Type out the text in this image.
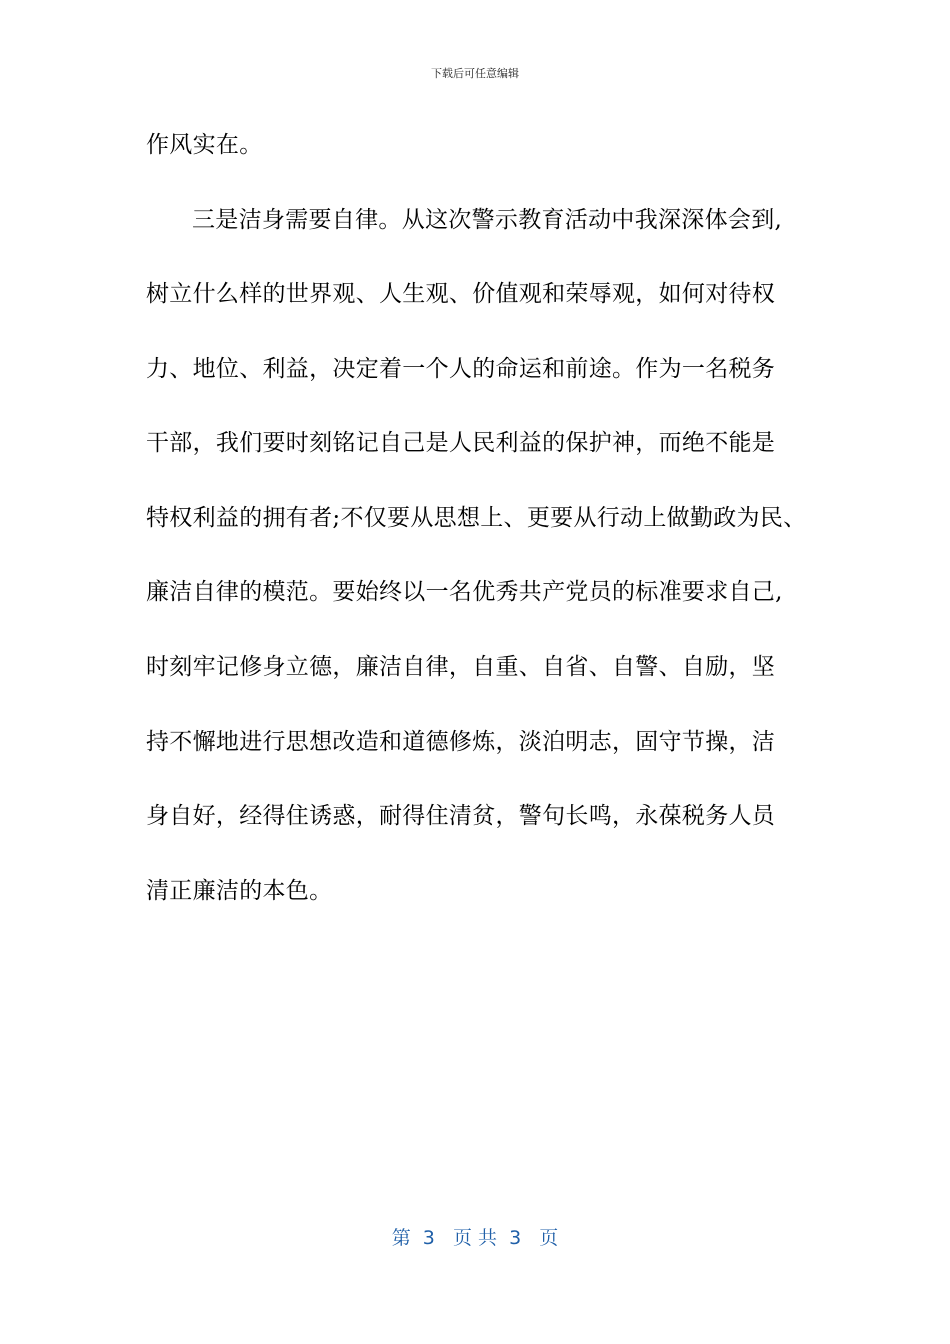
下载后可任意编辑
作风实在。
三是洁身需要自律。从这次警示教育活动中我深深体会到,
树立什么样的世界观、人生观、价值观和荣辱观，如何对待权
力、地位、利益，决定着一个人的命运和前途。作为一名税务
干部，我们要时刻铭记自己是人民利益的保护神，而绝不能是
特权利益的拥有者;不仅要从思想上、更要从行动上做勤政为民、
廉洁自律的模范。要始终以一名优秀共产党员的标准要求自己,
时刻牢记修身立德，廉洁自律，自重、自省、自警、自励，坚
持不懈地进行思想改造和道德修炼，淡泊明志，固守节操，洁
身自好，经得住诱惑，耐得住清贫，警句长鸣，永葆税务人员
清正廉洁的本色。
第  3   页 共  3   页
